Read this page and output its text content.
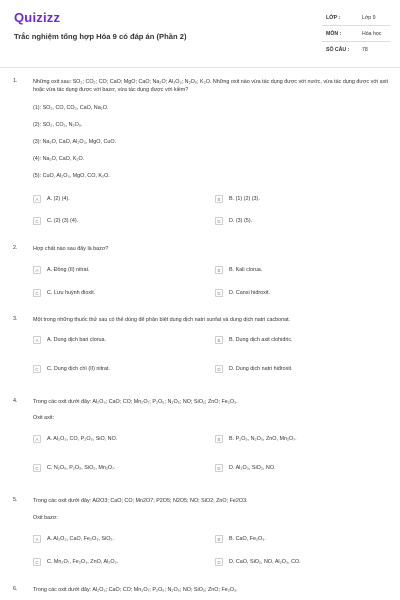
Quizizz
Trắc nghiệm tổng hợp Hóa 9 có đáp án (Phần 2)
LỚP :	Lớp 9
MÔN :	Hóa học
SỐ CÂU : 78
1.	Những oxit sau: SO₂; CO₂; CO; CaO; MgO; CaO; Na₂O; Al₂O₃; N₂O₅; K₂O. Những oxit nào vừa tác dụng được với nước, vừa tác dụng được với axit hoặc vừa tác dụng được với bazơ, vừa tác dụng được với kiềm?
(1): SO₂, CO, CO₂, CaO, Na₂O.
(2): SO₂, CO₂, N₂O₅.
(3): Na₂O, CaO, Al₂O₃, MgO, CuO.
(4): Na₂O, CaO, K₂O.
(5): CuO, Al₂O₃, MgO, CO, K₂O.
A	A. (2) (4).	B	B. (1) (2) (3).
C	C. (2) (3) (4).	D	D. (3) (5).
2.	Hợp chất nào sau đây là bazơ?
A	A. Đồng (II) nitrat.	B	B. Kali clorua.
C	C. Lưu huỳnh đioxit.	D	D. Canxi hiđroxit.
3.	Một trong những thuốc thử sau có thể dùng để phân biệt dung dịch natri sunfat và dung dịch natri cacbonat.
A	A. Dung dịch bari clorua.	B	B. Dung dịch axit clohiđric.
C	C. Dung dịch chì (II) nitrat.	D	D. Dung dịch natri hiđroxit.
4.	Trong các oxit dưới đây: Al₂O₃; CaO; CO; Mn₂O₇; P₂O₅; N₂O₅; NO; SiO₂; ZnO; Fe₂O₃.
Oxit axit:
A	A. Al₂O₃, CO, P₂O₅, SiO, NO.	B	B. P₂O₅, N₂O₅, ZnO, Mn₂O₇.
C	C. N₂O₅, P₂O₅, SiO₂, Mn₂O₇.	D	D. Al₂O₃, SiO₂, NO.
5.	Trong các oxit dưới đây: Al2O3; CaO; CO; Mn2O7; P2O5; N2O5; NO; SiO2; ZnO; Fe2O3.
Oxit bazơ:
A	A. Al₂O₃, CaO, Fe₂O₃, SiO₂.	B	B. CaO, Fe₂O₃.
C	C. Mn₂O₇, Fe₂O₃, ZnO, Al₂O₃.	D	D. CaO, SiO₂, NO, Al₂O₃, CO.
6.	Trong các oxit dưới đây: Al₂O₃; CaO; CO; Mn₂O₇; P₂O₅; N₂O₅; NO; SiO₂; ZnO; Fe₂O₃.
